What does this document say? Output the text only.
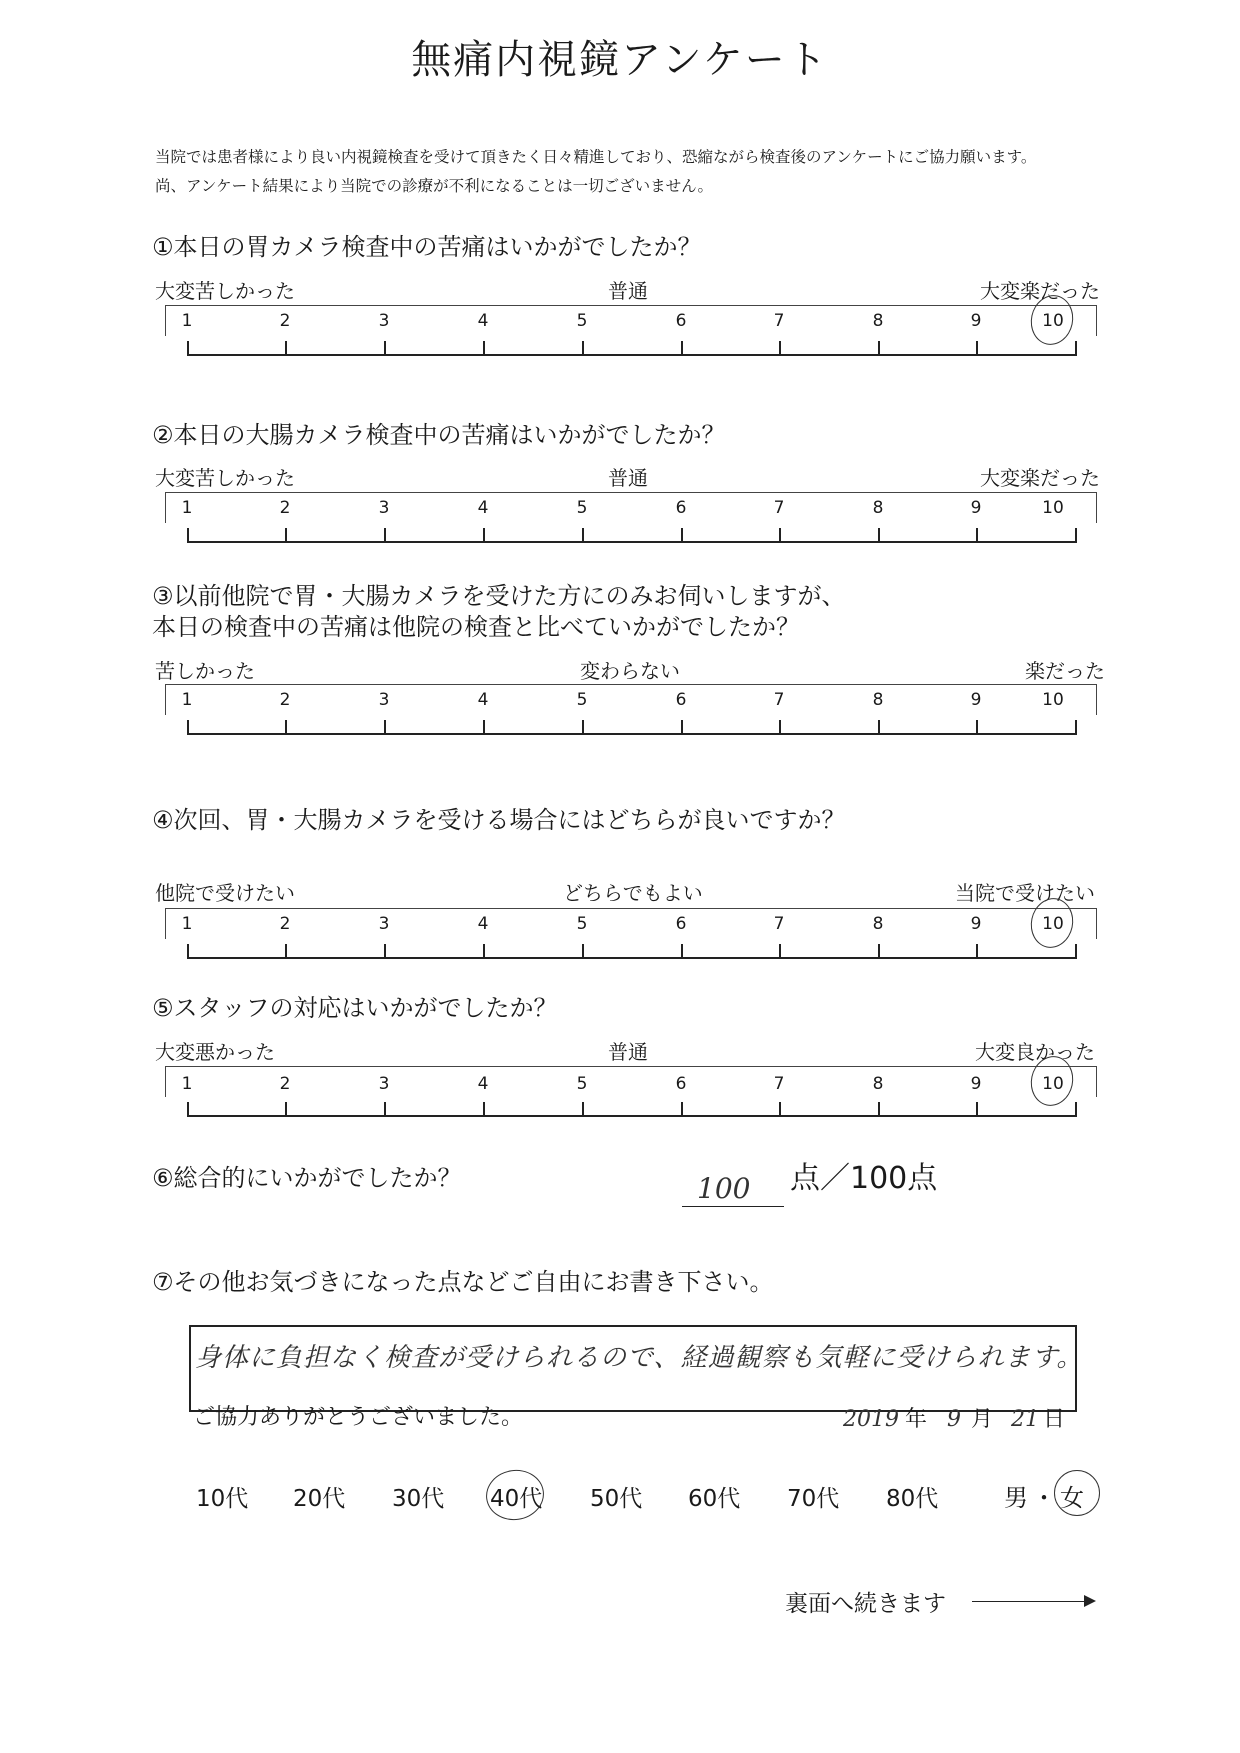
無痛内視鏡アンケート
当院では患者様により良い内視鏡検査を受けて頂きたく日々精進しており、恐縮ながら検査後のアンケートにご協力願います。
尚、アンケート結果により当院での診療が不利になることは一切ございません。
①本日の胃カメラ検査中の苦痛はいかがでしたか？
大変苦しかった	普通	大変楽だった
1	2	3	4	5	6	7	8	9	10
②本日の大腸カメラ検査中の苦痛はいかがでしたか？
大変苦しかった	普通	大変楽だった
1	2	3	4	5	6	7	8	9	10
③以前他院で胃・大腸カメラを受けた方にのみお伺いしますが、
本日の検査中の苦痛は他院の検査と比べていかがでしたか？
苦しかった	変わらない	楽だった
1	2	3	4	5	6	7	8	9	10
④次回、胃・大腸カメラを受ける場合にはどちらが良いですか？
他院で受けたい	どちらでもよい	当院で受けたい
1	2	3	4	5	6	7	8	9	10
⑤スタッフの対応はいかがでしたか？
大変悪かった	普通	大変良かった
1	2	3	4	5	6	7	8	9	10
⑥総合的にいかがでしたか？	100 点／100点
⑦その他お気づきになった点などご自由にお書き下さい。
身体に負担なく検査が受けられるので、経過観察も気軽に受けられます。
ご協力ありがとうございました。	2019 年 9 月 21 日
10代 20代 30代 40代 50代 60代 70代 80代	男 ・ 女
裏面へ続きます
